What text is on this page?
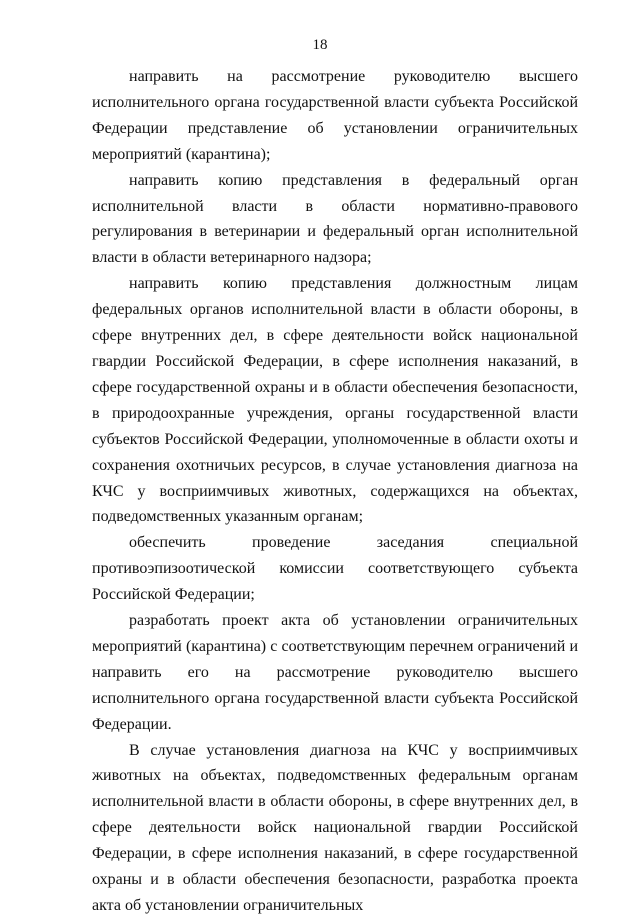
18

направить на рассмотрение руководителю высшего исполнительного органа государственной власти субъекта Российской Федерации представление об установлении ограничительных мероприятий (карантина);

направить копию представления в федеральный орган исполнительной власти в области нормативно-правового регулирования в ветеринарии и федеральный орган исполнительной власти в области ветеринарного надзора;

направить копию представления должностным лицам федеральных органов исполнительной власти в области обороны, в сфере внутренних дел, в сфере деятельности войск национальной гвардии Российской Федерации, в сфере исполнения наказаний, в сфере государственной охраны и в области обеспечения безопасности, в природоохранные учреждения, органы государственной власти субъектов Российской Федерации, уполномоченные в области охоты и сохранения охотничьих ресурсов, в случае установления диагноза на КЧС у восприимчивых животных, содержащихся на объектах, подведомственных указанным органам;

обеспечить проведение заседания специальной противоэпизоотической комиссии соответствующего субъекта Российской Федерации;

разработать проект акта об установлении ограничительных мероприятий (карантина) с соответствующим перечнем ограничений и направить его на рассмотрение руководителю высшего исполнительного органа государственной власти субъекта Российской Федерации.

В случае установления диагноза на КЧС у восприимчивых животных на объектах, подведомственных федеральным органам исполнительной власти в области обороны, в сфере внутренних дел, в сфере деятельности войск национальной гвардии Российской Федерации, в сфере исполнения наказаний, в сфере государственной охраны и в области обеспечения безопасности, разработка проекта акта об установлении ограничительных
